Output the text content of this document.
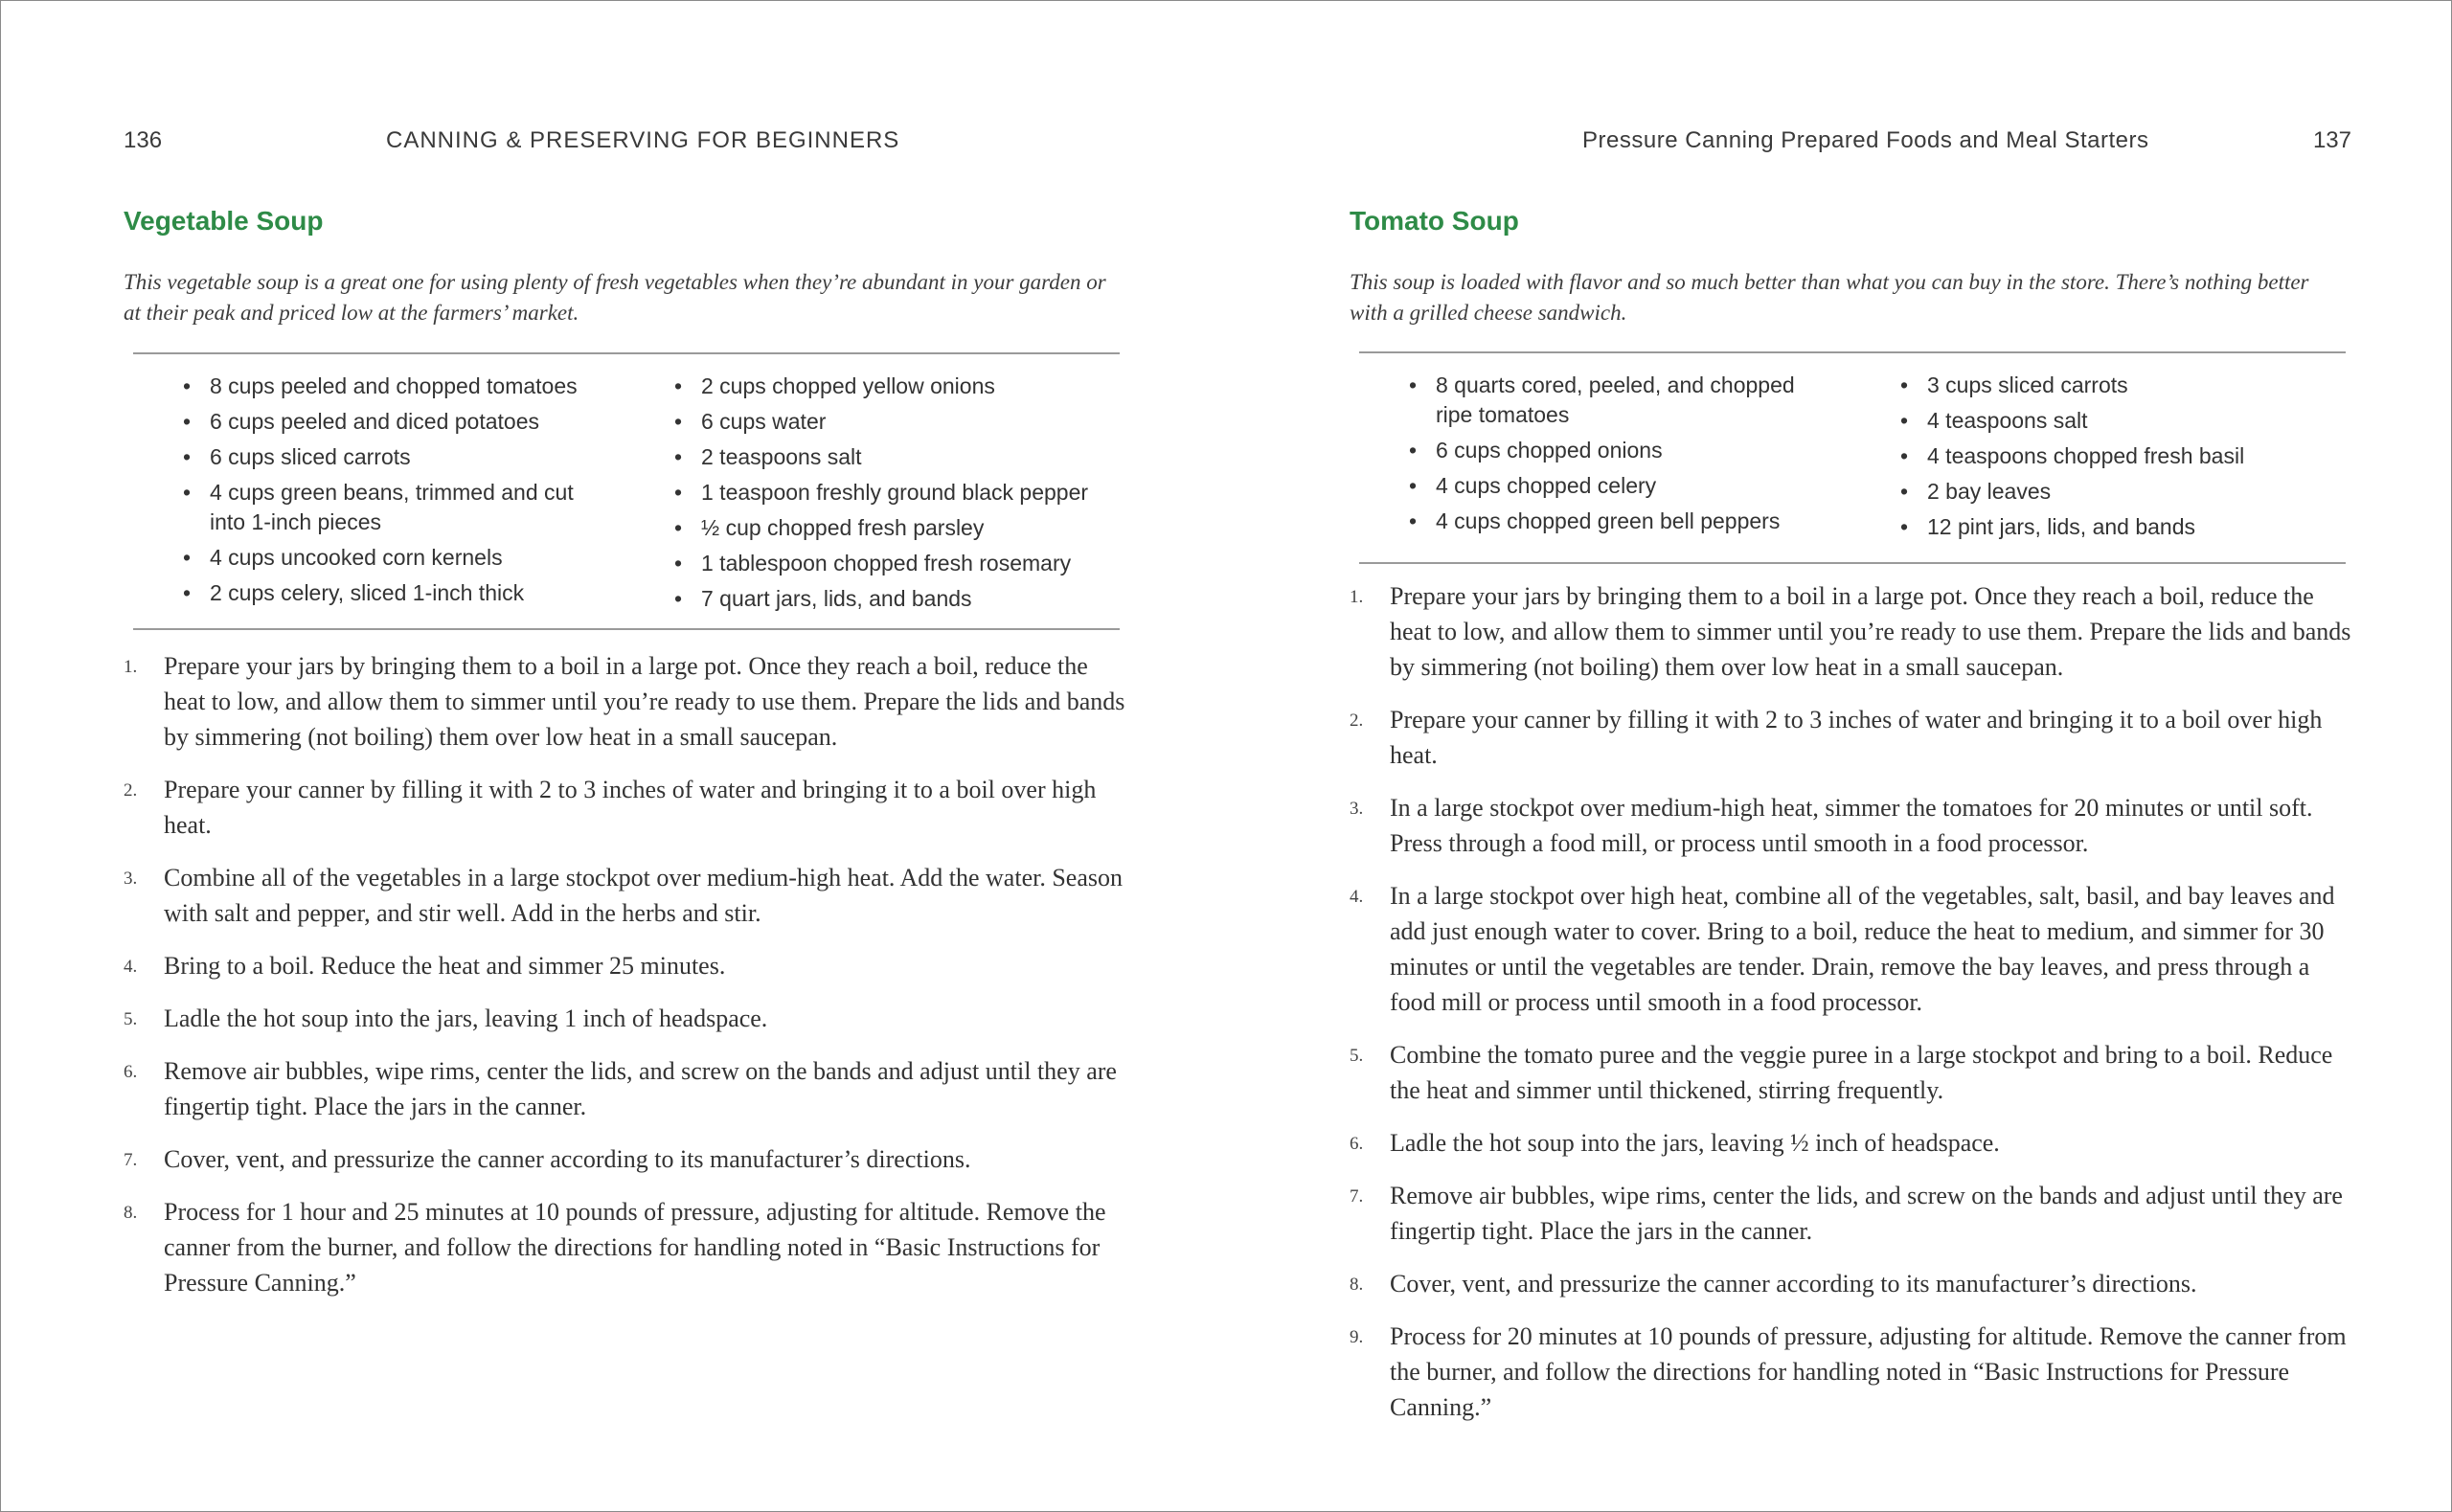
136	CANNING & PRESERVING FOR BEGINNERS
Vegetable Soup
This vegetable soup is a great one for using plenty of fresh vegetables when they’re abundant in your garden or at their peak and priced low at the farmers’ market.
• 8 cups peeled and chopped tomatoes
• 6 cups peeled and diced potatoes
• 6 cups sliced carrots
• 4 cups green beans, trimmed and cut into 1-inch pieces
• 4 cups uncooked corn kernels
• 2 cups celery, sliced 1-inch thick
• 2 cups chopped yellow onions
• 6 cups water
• 2 teaspoons salt
• 1 teaspoon freshly ground black pepper
• ½ cup chopped fresh parsley
• 1 tablespoon chopped fresh rosemary
• 7 quart jars, lids, and bands
1. Prepare your jars by bringing them to a boil in a large pot. Once they reach a boil, reduce the heat to low, and allow them to simmer until you’re ready to use them. Prepare the lids and bands by simmering (not boiling) them over low heat in a small saucepan.
2. Prepare your canner by filling it with 2 to 3 inches of water and bringing it to a boil over high heat.
3. Combine all of the vegetables in a large stockpot over medium-high heat. Add the water. Season with salt and pepper, and stir well. Add in the herbs and stir.
4. Bring to a boil. Reduce the heat and simmer 25 minutes.
5. Ladle the hot soup into the jars, leaving 1 inch of headspace.
6. Remove air bubbles, wipe rims, center the lids, and screw on the bands and adjust until they are fingertip tight. Place the jars in the canner.
7. Cover, vent, and pressurize the canner according to its manufacturer’s directions.
8. Process for 1 hour and 25 minutes at 10 pounds of pressure, adjusting for altitude. Remove the canner from the burner, and follow the directions for handling noted in “Basic Instructions for Pressure Canning.”
Pressure Canning Prepared Foods and Meal Starters	137
Tomato Soup
This soup is loaded with flavor and so much better than what you can buy in the store. There’s nothing better with a grilled cheese sandwich.
• 8 quarts cored, peeled, and chopped ripe tomatoes
• 6 cups chopped onions
• 4 cups chopped celery
• 4 cups chopped green bell peppers
• 3 cups sliced carrots
• 4 teaspoons salt
• 4 teaspoons chopped fresh basil
• 2 bay leaves
• 12 pint jars, lids, and bands
1. Prepare your jars by bringing them to a boil in a large pot. Once they reach a boil, reduce the heat to low, and allow them to simmer until you’re ready to use them. Prepare the lids and bands by simmering (not boiling) them over low heat in a small saucepan.
2. Prepare your canner by filling it with 2 to 3 inches of water and bringing it to a boil over high heat.
3. In a large stockpot over medium-high heat, simmer the tomatoes for 20 minutes or until soft. Press through a food mill, or process until smooth in a food processor.
4. In a large stockpot over high heat, combine all of the vegetables, salt, basil, and bay leaves and add just enough water to cover. Bring to a boil, reduce the heat to medium, and simmer for 30 minutes or until the vegetables are tender. Drain, remove the bay leaves, and press through a food mill or process until smooth in a food processor.
5. Combine the tomato puree and the veggie puree in a large stockpot and bring to a boil. Reduce the heat and simmer until thickened, stirring frequently.
6. Ladle the hot soup into the jars, leaving ½ inch of headspace.
7. Remove air bubbles, wipe rims, center the lids, and screw on the bands and adjust until they are fingertip tight. Place the jars in the canner.
8. Cover, vent, and pressurize the canner according to its manufacturer’s directions.
9. Process for 20 minutes at 10 pounds of pressure, adjusting for altitude. Remove the canner from the burner, and follow the directions for handling noted in “Basic Instructions for Pressure Canning.”
